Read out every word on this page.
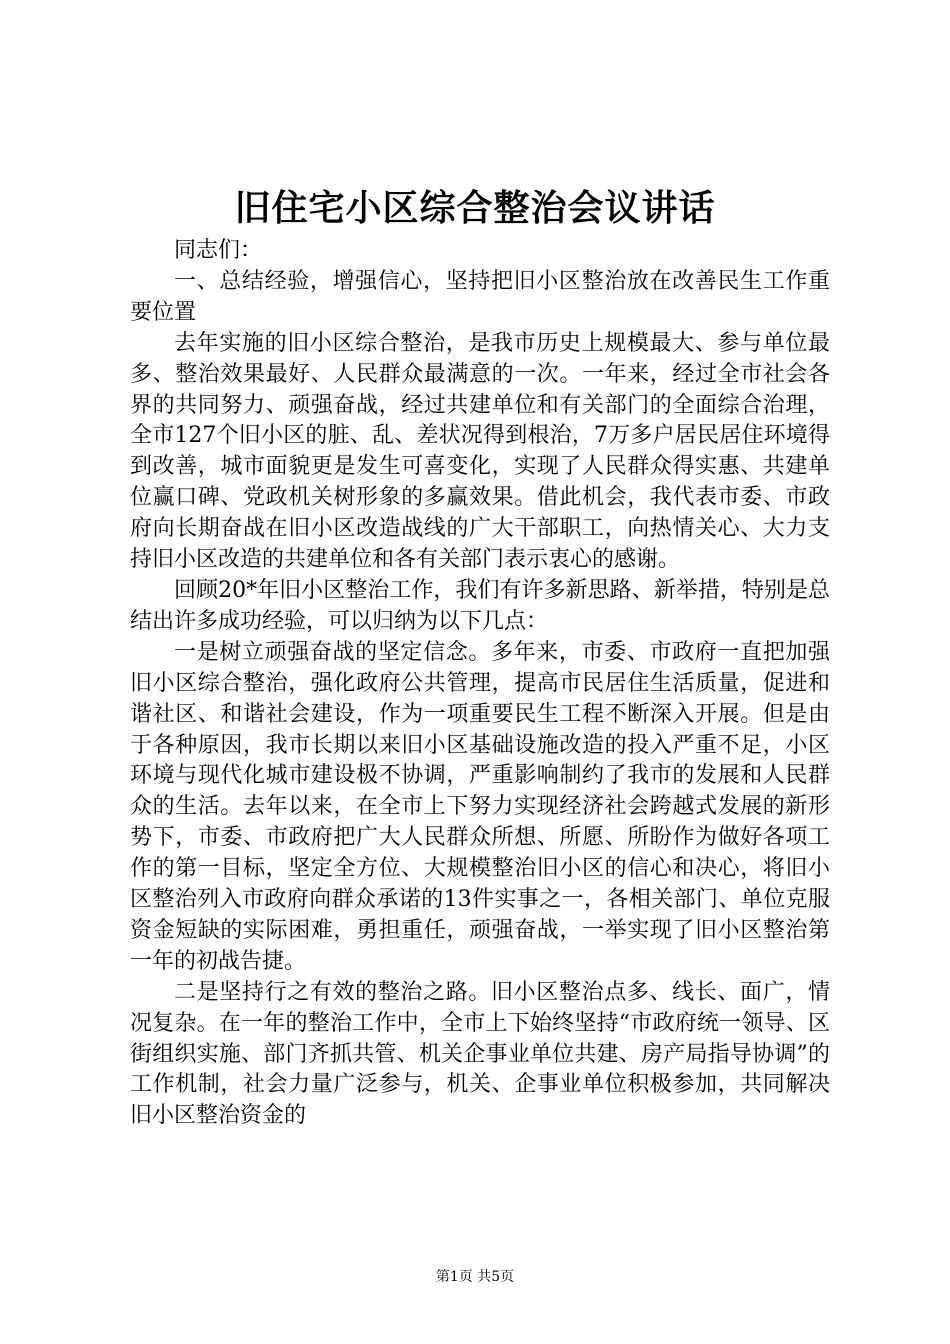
旧住宅小区综合整治会议讲话

同志们：

一、总结经验，增强信心，坚持把旧小区整治放在改善民生工作重要位置

去年实施的旧小区综合整治，是我市历史上规模最大、参与单位最多、整治效果最好、人民群众最满意的一次。一年来，经过全市社会各界的共同努力、顽强奋战，经过共建单位和有关部门的全面综合治理，全市127个旧小区的脏、乱、差状况得到根治，7万多户居民居住环境得到改善，城市面貌更是发生可喜变化，实现了人民群众得实惠、共建单位赢口碑、党政机关树形象的多赢效果。借此机会，我代表市委、市政府向长期奋战在旧小区改造战线的广大干部职工，向热情关心、大力支持旧小区改造的共建单位和各有关部门表示衷心的感谢。

回顾20*年旧小区整治工作，我们有许多新思路、新举措，特别是总结出许多成功经验，可以归纳为以下几点：

一是树立顽强奋战的坚定信念。多年来，市委、市政府一直把加强旧小区综合整治，强化政府公共管理，提高市民居住生活质量，促进和谐社区、和谐社会建设，作为一项重要民生工程不断深入开展。但是由于各种原因，我市长期以来旧小区基础设施改造的投入严重不足，小区环境与现代化城市建设极不协调，严重影响制约了我市的发展和人民群众的生活。去年以来，在全市上下努力实现经济社会跨越式发展的新形势下，市委、市政府把广大人民群众所想、所愿、所盼作为做好各项工作的第一目标，坚定全方位、大规模整治旧小区的信心和决心，将旧小区整治列入市政府向群众承诺的13件实事之一，各相关部门、单位克服资金短缺的实际困难，勇担重任，顽强奋战，一举实现了旧小区整治第一年的初战告捷。

二是坚持行之有效的整治之路。旧小区整治点多、线长、面广，情况复杂。在一年的整治工作中，全市上下始终坚持“市政府统一领导、区街组织实施、部门齐抓共管、机关企事业单位共建、房产局指导协调”的工作机制，社会力量广泛参与，机关、企事业单位积极参加，共同解决旧小区整治资金的

第1页 共5页
